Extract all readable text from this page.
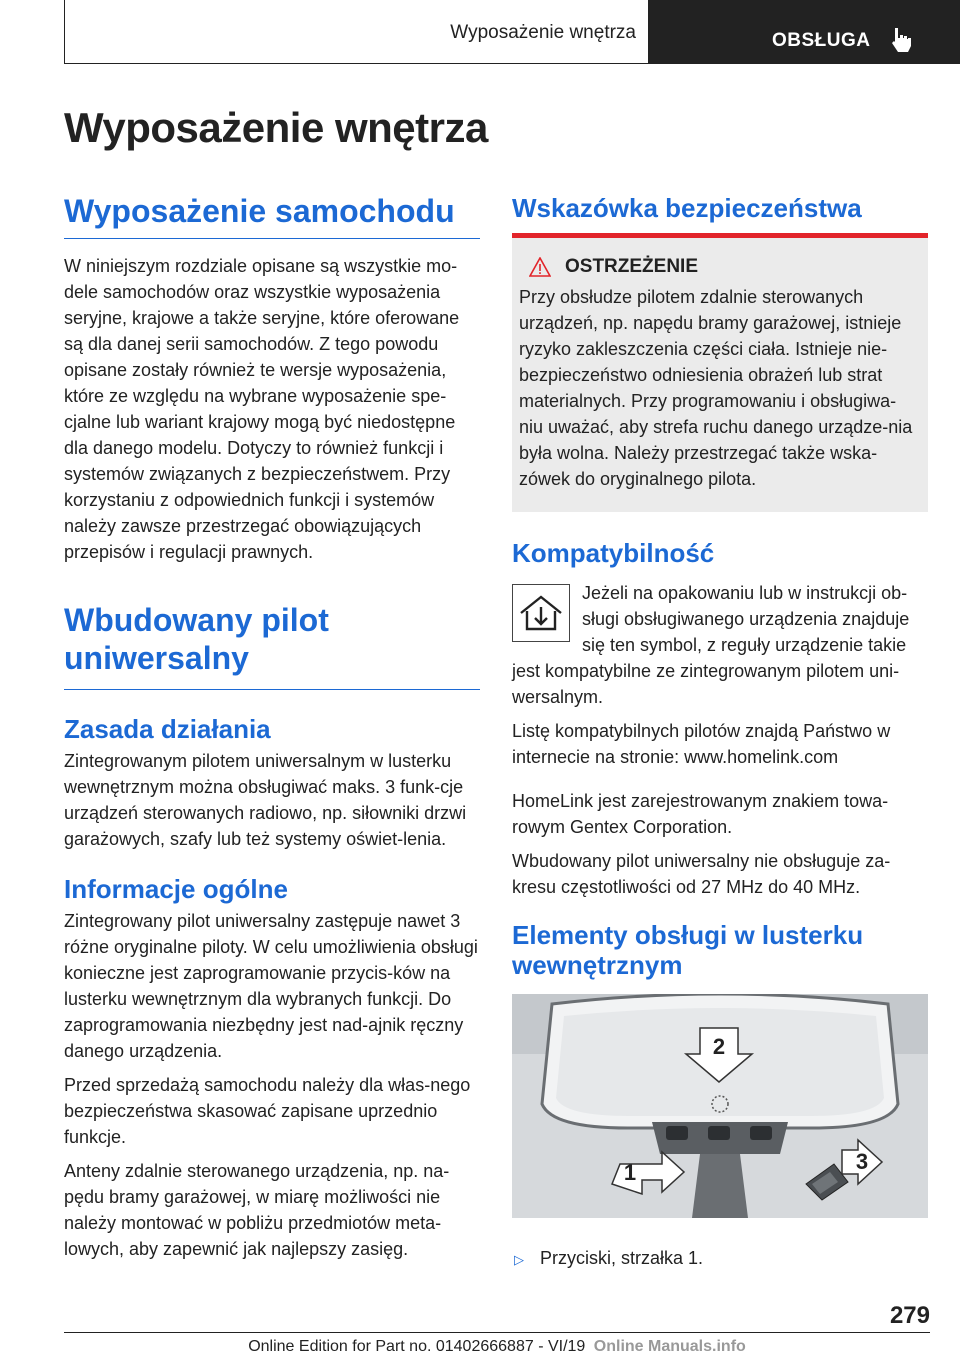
Wyposażenie wnętrza	OBSŁUGA
Wyposażenie wnętrza
Wyposażenie samochodu

W niniejszym rozdziale opisane są wszystkie mo-dele samochodów oraz wszystkie wyposażenia seryjne, krajowe a także seryjne, które oferowane są dla danej serii samochodów. Z tego powodu opisane zostały również te wersje wyposażenia, które ze względu na wybrane wyposażenie spe-cjalne lub wariant krajowy mogą być niedostępne dla danego modelu. Dotyczy to również funkcji i systemów związanych z bezpieczeństwem. Przy korzystaniu z odpowiednich funkcji i systemów należy zawsze przestrzegać obowiązujących przepisów i regulacji prawnych.

Wbudowany pilot uniwersalny
Zasada działania

Zintegrowanym pilotem uniwersalnym w lusterku wewnętrznym można obsługiwać maks. 3 funk-cje urządzeń sterowanych radiowo, np. siłowniki drzwi garażowych, szafy lub też systemy oświet-lenia.

Informacje ogólne

Zintegrowany pilot uniwersalny zastępuje nawet 3 różne oryginalne piloty. W celu umożliwienia obsługi konieczne jest zaprogramowanie przycis-ków na lusterku wewnętrznym dla wybranych funkcji. Do zaprogramowania niezbędny jest nad-ajnik ręczny danego urządzenia.

Przed sprzedażą samochodu należy dla włas-nego bezpieczeństwa skasować zapisane uprzednio funkcje.

Anteny zdalnie sterowanego urządzenia, np. na-pędu bramy garażowej, w miarę możliwości nie należy montować w pobliżu przedmiotów meta-lowych, aby zapewnić jak najlepszy zasięg.

Wskazówka bezpieczeństwa
OSTRZEŻENIE

Przy obsłudze pilotem zdalnie sterowanych urządzeń, np. napędu bramy garażowej, istnieje ryzyko zakleszczenia części ciała. Istnieje nie-bezpieczeństwo odniesienia obrażeń lub strat materialnych. Przy programowaniu i obsługiwa-niu uważać, aby strefa ruchu danego urządze-nia była wolna. Należy przestrzegać także wska-zówek do oryginalnego pilota.

Kompatybilność

Jeżeli na opakowaniu lub w instrukcji ob-sługi obsługiwanego urządzenia znajduje się ten symbol, z reguły urządzenie takie jest kompatybilne ze zintegrowanym pilotem uni-wersalnym.

Listę kompatybilnych pilotów znajdą Państwo w internecie na stronie: www.homelink.com

HomeLink jest zarejestrowanym znakiem towa-rowym Gentex Corporation.

Wbudowany pilot uniwersalny nie obsługuje za-kresu częstotliwości od 27 MHz do 40 MHz.

Elementy obsługi w lusterku wewnętrznym
2
1	3
▷ Przyciski, strzałka 1.
279
Online Edition for Part no. 01402666887 - VI/19 Online Manuals.info
